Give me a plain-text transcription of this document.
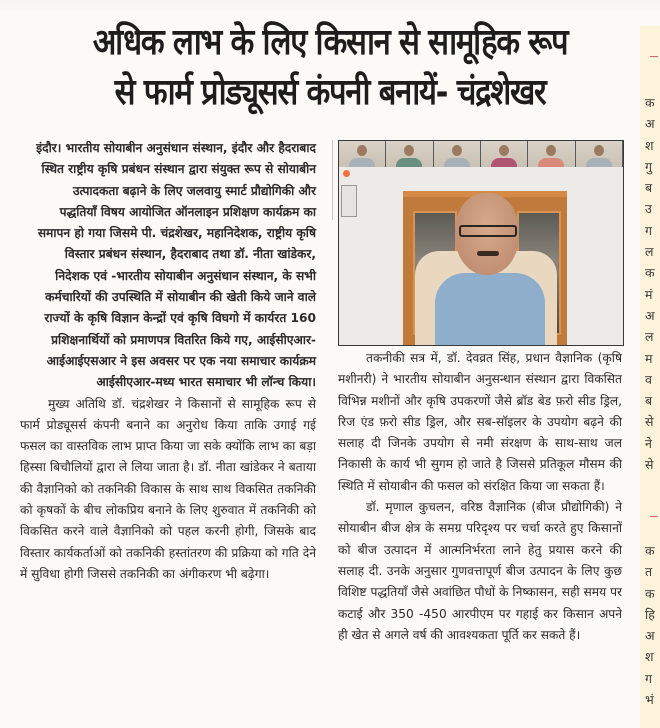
अधिक लाभ के लिए किसान से सामूहिक रूप
से फार्म प्रोड्यूसर्स कंपनी बनायें- चंद्रशेखर

इंदौर। भारतीय सोयाबीन अनुसंधान संस्थान, इंदौर और हैदराबाद स्थित राष्ट्रीय कृषि प्रबंधन संस्थान द्वारा संयुक्त रूप से सोयाबीन उत्पादकता बढ़ाने के लिए जलवायु स्मार्ट प्रौद्योगिकी और पद्धतियाँ विषय आयोजित ऑनलाइन प्रशिक्षण कार्यक्रम का समापन हो गया जिसमे पी. चंद्रशेखर, महानिदेशक, राष्ट्रीय कृषि विस्तार प्रबंधन संस्थान, हैदराबाद तथा डॉ. नीता खांडेकर, निदेशक एवं -भारतीय सोयाबीन अनुसंधान संस्थान, के सभी कर्मचारियों की उपस्थिति में सोयाबीन की खेती किये जाने वाले राज्यों के कृषि विज्ञान केन्द्रों एवं कृषि विघगो में कार्यरत 160 प्रशिक्षनार्थियों को प्रमाणपत्र वितरित किये गए, आईसीएआर-आईआईएसआर ने इस अवसर पर एक नया समाचार कार्यक्रम आईसीएआर-मध्य भारत समाचार भी लॉन्च किया।

मुख्य अतिथि डॉ. चंद्रशेखर ने किसानों से सामूहिक रूप से फार्म प्रोड्यूसर्स कंपनी बनाने का अनुरोध किया ताकि उगाई गई फसल का वास्तविक लाभ प्राप्त किया जा सके क्योंकि लाभ का बड़ा हिस्सा बिचौलियों द्वारा ले लिया जाता है। डॉ. नीता खांडेकर ने बताया की वैज्ञानिको को तकनिकी विकास के साथ साथ विकसित तकनिकी को कृषकों के बीच लोकप्रिय बनाने के लिए शुरुवात में तकनिकी को विकसित करने वाले वैज्ञानिको को पहल करनी होगी, जिसके बाद विस्तार कार्यकर्ताओं को तकनिकी हस्तांतरण की प्रक्रिया को गति देने में सुविधा होगी जिससे तकनिकी का अंगीकरण भी बढ़ेगा।

तकनीकी सत्र में, डॉ. देवव्रत सिंह, प्रधान वैज्ञानिक (कृषि मशीनरी) ने भारतीय सोयाबीन अनुसन्धान संस्थान द्वारा विकसित विभिन्न मशीनों और कृषि उपकरणों जैसे ब्रॉड बेड फ़रो सीड ड्रिल, रिज एंड फ़रो सीड ड्रिल, और सब-सॉइलर के उपयोग बढ़ने की सलाह दी जिनके उपयोग से नमी संरक्षण के साथ-साथ जल निकासी के कार्य भी सुगम हो जाते है जिससे प्रतिकूल मौसम की स्थिति में सोयाबीन की फसल को संरक्षित किया जा सकता हैं।

डॉ. मृणाल कुचलन, वरिष्ठ वैज्ञानिक (बीज प्रौद्योगिकी) ने सोयाबीन बीज क्षेत्र के समग्र परिदृश्य पर चर्चा करते हुए किसानों को बीज उत्पादन में आत्मनिर्भरता लाने हेतु प्रयास करने की सलाह दी. उनके अनुसार गुणवत्तापूर्ण बीज उत्पादन के लिए कुछ विशिष्ट पद्धतियाँ जैसे अवांछित पौधों के निष्कासन, सही समय पर कटाई और 350 -450 आरपीएम पर गहाई कर किसान अपने ही खेत से अगले वर्ष की आवश्यकता पूर्ति कर सकते हैं।

क
अ
श
गु
ब
उ
ग
ल
क
मं
अ
ल
म
व
ब
से
ने
से
क
त
क
हि
अ
श
ग
भं
